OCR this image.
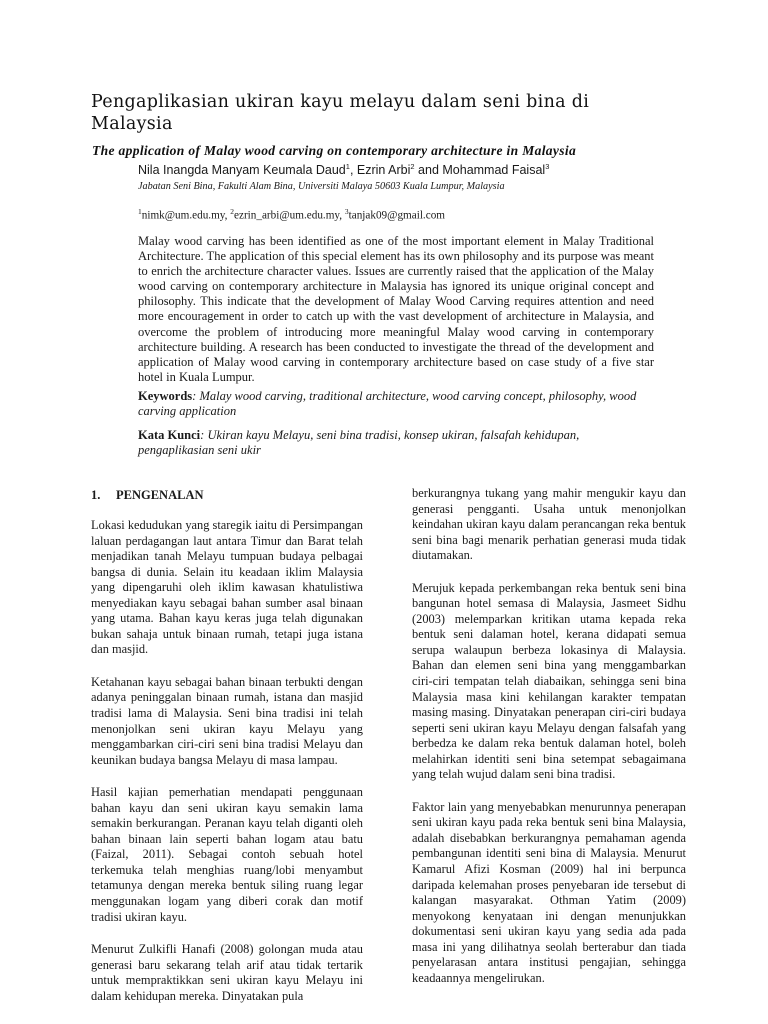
Pengaplikasian ukiran kayu melayu dalam seni bina di Malaysia
The application of Malay wood carving on contemporary architecture in Malaysia
Nila Inangda Manyam Keumala Daud$^1$, Ezrin Arbi$^2$ and Mohammad Faisal$^3$
Jabatan Seni Bina, Fakulti Alam Bina, Universiti Malaya 50603 Kuala Lumpur, Malaysia
$^1$nimk@um.edu.my, $^2$ezrin_arbi@um.edu.my, $^3$tanjak09@gmail.com
Malay wood carving has been identified as one of the most important element in Malay Traditional Architecture. The application of this special element has its own philosophy and its purpose was meant to enrich the architecture character values. Issues are currently raised that the application of the Malay wood carving on contemporary architecture in Malaysia has ignored its unique original concept and philosophy. This indicate that the development of Malay Wood Carving requires attention and need more encouragement in order to catch up with the vast development of architecture in Malaysia, and overcome the problem of introducing more meaningful Malay wood carving in contemporary architecture building. A research has been conducted to investigate the thread of the development and application of Malay wood carving in contemporary architecture based on case study of a five star hotel in Kuala Lumpur.
Keywords: Malay wood carving, traditional architecture, wood carving concept, philosophy, wood carving application
Kata Kunci: Ukiran kayu Melayu, seni bina tradisi, konsep ukiran, falsafah kehidupan, pengaplikasian seni ukir
1. PENGENALAN

Lokasi kedudukan yang staregik iaitu di Persimpangan laluan perdagangan laut antara Timur dan Barat telah menjadikan tanah Melayu tumpuan budaya pelbagai bangsa di dunia. Selain itu keadaan iklim Malaysia yang dipengaruhi oleh iklim kawasan khatulistiwa menyediakan kayu sebagai bahan sumber asal binaan yang utama. Bahan kayu keras juga telah digunakan bukan sahaja untuk binaan rumah, tetapi juga istana dan masjid.

Ketahanan kayu sebagai bahan binaan terbukti dengan adanya peninggalan binaan rumah, istana dan masjid tradisi lama di Malaysia. Seni bina tradisi ini telah menonjolkan seni ukiran kayu Melayu yang menggambarkan ciri-ciri seni bina tradisi Melayu dan keunikan budaya bangsa Melayu di masa lampau.

Hasil kajian pemerhatian mendapati penggunaan bahan kayu dan seni ukiran kayu semakin lama semakin berkurangan. Peranan kayu telah diganti oleh bahan binaan lain seperti bahan logam atau batu (Faizal, 2011). Sebagai contoh sebuah hotel terkemuka telah menghias ruang/lobi menyambut tetamunya dengan mereka bentuk siling ruang legar menggunakan logam yang diberi corak dan motif tradisi ukiran kayu.

Menurut Zulkifli Hanafi (2008) golongan muda atau generasi baru sekarang telah arif atau tidak tertarik untuk mempraktikkan seni ukiran kayu Melayu ini dalam kehidupan mereka. Dinyatakan pula

berkurangnya tukang yang mahir mengukir kayu dan generasi pengganti. Usaha untuk menonjolkan keindahan ukiran kayu dalam perancangan reka bentuk seni bina bagi menarik perhatian generasi muda tidak diutamakan.

Merujuk kepada perkembangan reka bentuk seni bina bangunan hotel semasa di Malaysia, Jasmeet Sidhu (2003) melemparkan kritikan utama kepada reka bentuk seni dalaman hotel, kerana didapati semua serupa walaupun berbeza lokasinya di Malaysia. Bahan dan elemen seni bina yang menggambarkan ciri-ciri tempatan telah diabaikan, sehingga seni bina Malaysia masa kini kehilangan karakter tempatan masing masing. Dinyatakan penerapan ciri-ciri budaya seperti seni ukiran kayu Melayu dengan falsafah yang berbedza ke dalam reka bentuk dalaman hotel, boleh melahirkan identiti seni bina setempat sebagaimana yang telah wujud dalam seni bina tradisi.

Faktor lain yang menyebabkan menurunnya penerapan seni ukiran kayu pada reka bentuk seni bina Malaysia, adalah disebabkan berkurangnya pemahaman agenda pembangunan identiti seni bina di Malaysia. Menurut Kamarul Afizi Kosman (2009) hal ini berpunca daripada kelemahan proses penyebaran ide tersebut di kalangan masyarakat. Othman Yatim (2009) menyokong kenyataan ini dengan menunjukkan dokumentasi seni ukiran kayu yang sedia ada pada masa ini yang dilihatnya seolah berterabur dan tiada penyelarasan antara institusi pengajian, sehingga keadaannya mengelirukan.
